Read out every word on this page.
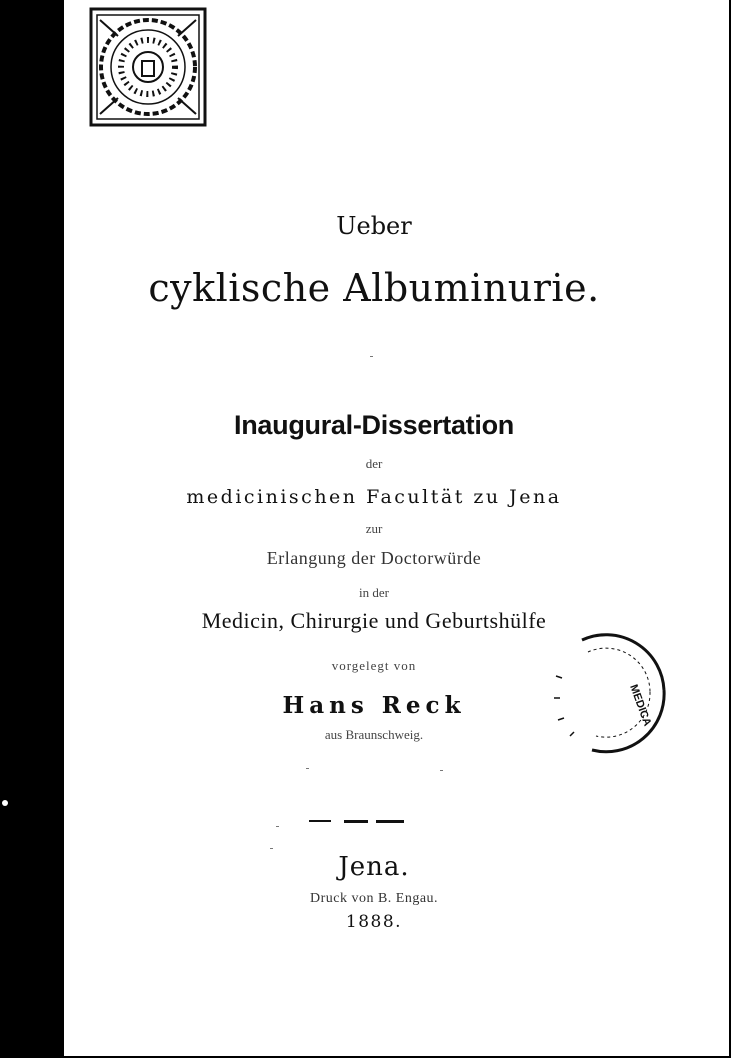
MEDICA
Ueber
cyklische Albuminurie.
Inaugural-Dissertation
der
medicinischen Facultät zu Jena
zur
Erlangung der Doctorwürde
in der
Medicin, Chirurgie und Geburtshülfe
vorgelegt von
Hans Reck
aus Braunschweig.
Jena.
Druck von B. Engau.
1888.
